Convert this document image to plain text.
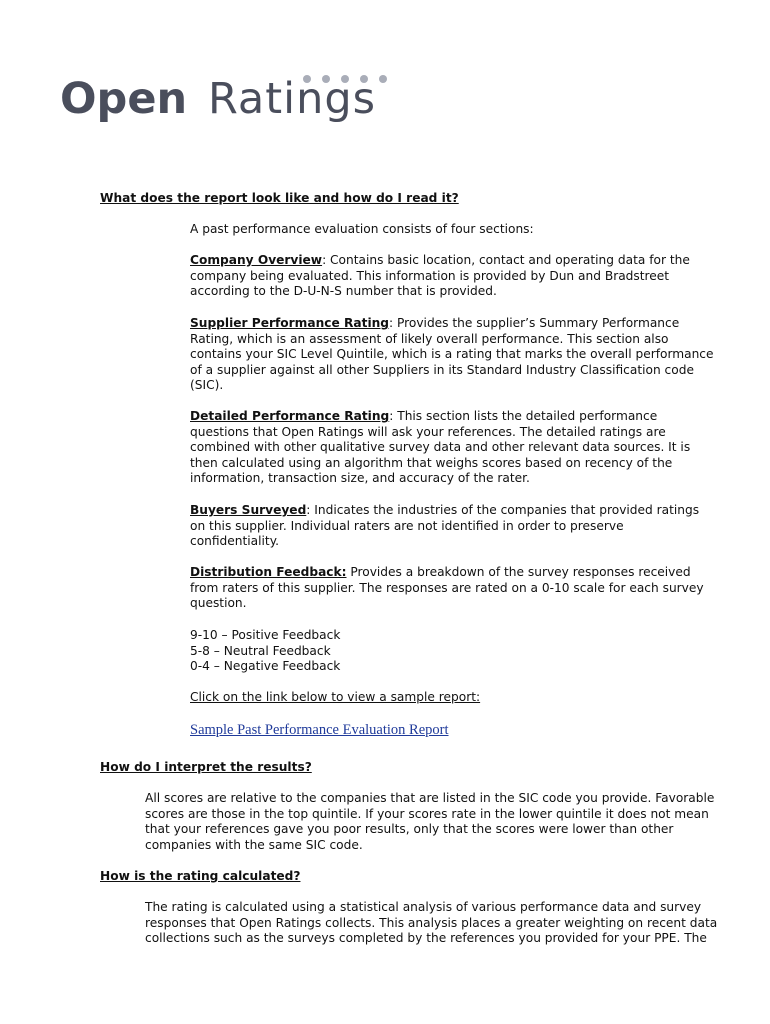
Open Ratings
What does the report look like and how do I read it?
A past performance evaluation consists of four sections:
Company Overview: Contains basic location, contact and operating data for the
company being evaluated. This information is provided by Dun and Bradstreet
according to the D-U-N-S number that is provided.
Supplier Performance Rating: Provides the supplier’s Summary Performance
Rating, which is an assessment of likely overall performance. This section also
contains your SIC Level Quintile, which is a rating that marks the overall performance
of a supplier against all other Suppliers in its Standard Industry Classification code
(SIC).
Detailed Performance Rating: This section lists the detailed performance
questions that Open Ratings will ask your references. The detailed ratings are
combined with other qualitative survey data and other relevant data sources. It is
then calculated using an algorithm that weighs scores based on recency of the
information, transaction size, and accuracy of the rater.
Buyers Surveyed: Indicates the industries of the companies that provided ratings
on this supplier. Individual raters are not identified in order to preserve
confidentiality.
Distribution Feedback: Provides a breakdown of the survey responses received
from raters of this supplier. The responses are rated on a 0-10 scale for each survey
question.
9-10 – Positive Feedback
5-8 – Neutral Feedback
0-4 – Negative Feedback
Click on the link below to view a sample report:
Sample Past Performance Evaluation Report
How do I interpret the results?
All scores are relative to the companies that are listed in the SIC code you provide. Favorable
scores are those in the top quintile. If your scores rate in the lower quintile it does not mean
that your references gave you poor results, only that the scores were lower than other
companies with the same SIC code.
How is the rating calculated?
The rating is calculated using a statistical analysis of various performance data and survey
responses that Open Ratings collects. This analysis places a greater weighting on recent data
collections such as the surveys completed by the references you provided for your PPE. The
